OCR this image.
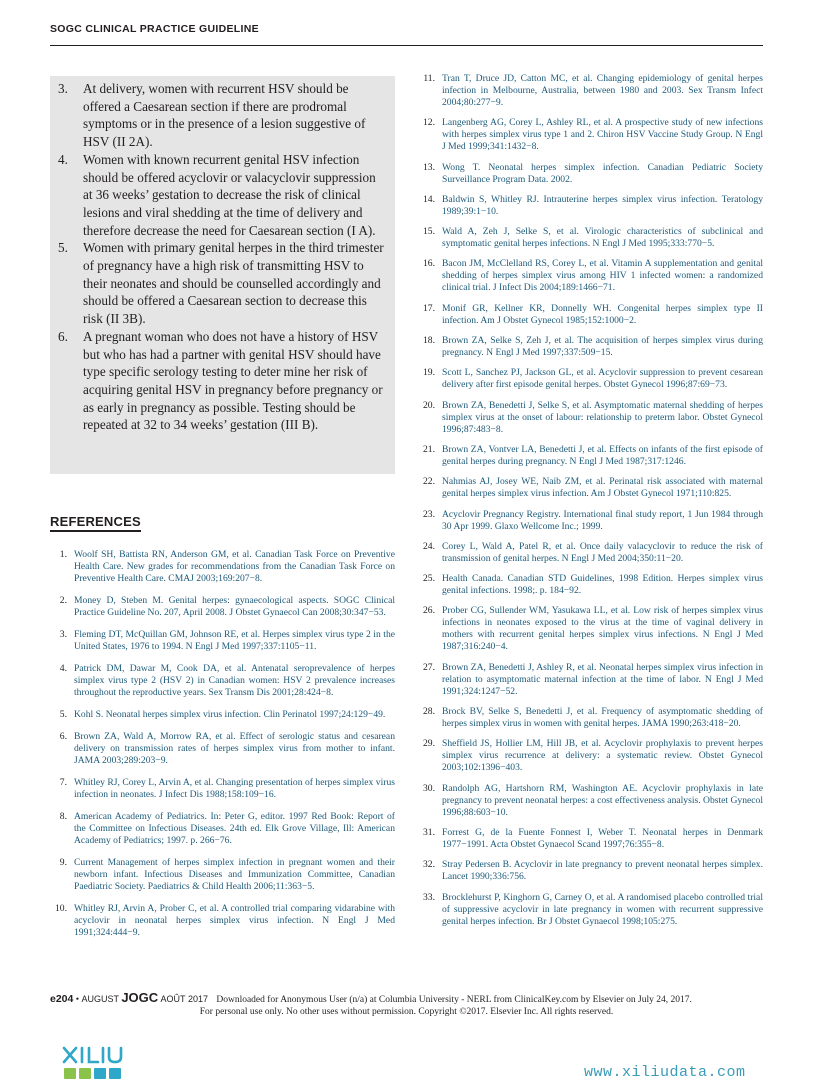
SOGC CLINICAL PRACTICE GUIDELINE
3. At delivery, women with recurrent HSV should be offered a Caesarean section if there are prodromal symptoms or in the presence of a lesion suggestive of HSV (II 2A).
4. Women with known recurrent genital HSV infection should be offered acyclovir or valacyclovir suppression at 36 weeks’ gestation to decrease the risk of clinical lesions and viral shedding at the time of delivery and therefore decrease the need for Caesarean section (I A).
5. Women with primary genital herpes in the third trimester of pregnancy have a high risk of transmitting HSV to their neonates and should be counselled accordingly and should be offered a Caesarean section to decrease this risk (II 3B).
6. A pregnant woman who does not have a history of HSV but who has had a partner with genital HSV should have type specific serology testing to deter mine her risk of acquiring genital HSV in pregnancy before pregnancy or as early in pregnancy as possible. Testing should be repeated at 32 to 34 weeks’ gestation (III B).
REFERENCES
1. Woolf SH, Battista RN, Anderson GM, et al. Canadian Task Force on Preventive Health Care. New grades for recommendations from the Canadian Task Force on Preventive Health Care. CMAJ 2003;169:207−8.
2. Money D, Steben M. Genital herpes: gynaecological aspects. SOGC Clinical Practice Guideline No. 207, April 2008. J Obstet Gynaecol Can 2008;30:347−53.
3. Fleming DT, McQuillan GM, Johnson RE, et al. Herpes simplex virus type 2 in the United States, 1976 to 1994. N Engl J Med 1997;337:1105−11.
4. Patrick DM, Dawar M, Cook DA, et al. Antenatal seroprevalence of herpes simplex virus type 2 (HSV 2) in Canadian women: HSV 2 prevalence increases throughout the reproductive years. Sex Transm Dis 2001;28:424−8.
5. Kohl S. Neonatal herpes simplex virus infection. Clin Perinatol 1997;24:129−49.
6. Brown ZA, Wald A, Morrow RA, et al. Effect of serologic status and cesarean delivery on transmission rates of herpes simplex virus from mother to infant. JAMA 2003;289:203−9.
7. Whitley RJ, Corey L, Arvin A, et al. Changing presentation of herpes simplex virus infection in neonates. J Infect Dis 1988;158:109−16.
8. American Academy of Pediatrics. In: Peter G, editor. 1997 Red Book: Report of the Committee on Infectious Diseases. 24th ed. Elk Grove Village, Ill: American Academy of Pediatrics; 1997. p. 266−76.
9. Current Management of herpes simplex infection in pregnant women and their newborn infant. Infectious Diseases and Immunization Committee, Canadian Paediatric Society. Paediatrics & Child Health 2006;11:363−5.
10. Whitley RJ, Arvin A, Prober C, et al. A controlled trial comparing vidarabine with acyclovir in neonatal herpes simplex virus infection. N Engl J Med 1991;324:444−9.
11. Tran T, Druce JD, Catton MC, et al. Changing epidemiology of genital herpes infection in Melbourne, Australia, between 1980 and 2003. Sex Transm Infect 2004;80:277−9.
12. Langenberg AG, Corey L, Ashley RL, et al. A prospective study of new infections with herpes simplex virus type 1 and 2. Chiron HSV Vaccine Study Group. N Engl J Med 1999;341:1432−8.
13. Wong T. Neonatal herpes simplex infection. Canadian Pediatric Society Surveillance Program Data. 2002.
14. Baldwin S, Whitley RJ. Intrauterine herpes simplex virus infection. Teratology 1989;39:1−10.
15. Wald A, Zeh J, Selke S, et al. Virologic characteristics of subclinical and symptomatic genital herpes infections. N Engl J Med 1995;333:770−5.
16. Bacon JM, McClelland RS, Corey L, et al. Vitamin A supplementation and genital shedding of herpes simplex virus among HIV 1 infected women: a randomized clinical trial. J Infect Dis 2004;189:1466−71.
17. Monif GR, Kellner KR, Donnelly WH. Congenital herpes simplex type II infection. Am J Obstet Gynecol 1985;152:1000−2.
18. Brown ZA, Selke S, Zeh J, et al. The acquisition of herpes simplex virus during pregnancy. N Engl J Med 1997;337:509−15.
19. Scott L, Sanchez PJ, Jackson GL, et al. Acyclovir suppression to prevent cesarean delivery after first episode genital herpes. Obstet Gynecol 1996;87:69−73.
20. Brown ZA, Benedetti J, Selke S, et al. Asymptomatic maternal shedding of herpes simplex virus at the onset of labour: relationship to preterm labor. Obstet Gynecol 1996;87:483−8.
21. Brown ZA, Vontver LA, Benedetti J, et al. Effects on infants of the first episode of genital herpes during pregnancy. N Engl J Med 1987;317:1246.
22. Nahmias AJ, Josey WE, Naib ZM, et al. Perinatal risk associated with maternal genital herpes simplex virus infection. Am J Obstet Gynecol 1971;110:825.
23. Acyclovir Pregnancy Registry. International final study report, 1 Jun 1984 through 30 Apr 1999. Glaxo Wellcome Inc.; 1999.
24. Corey L, Wald A, Patel R, et al. Once daily valacyclovir to reduce the risk of transmission of genital herpes. N Engl J Med 2004;350:11−20.
25. Health Canada. Canadian STD Guidelines, 1998 Edition. Herpes simplex virus genital infections. 1998;. p. 184−92.
26. Prober CG, Sullender WM, Yasukawa LL, et al. Low risk of herpes simplex virus infections in neonates exposed to the virus at the time of vaginal delivery in mothers with recurrent genital herpes simplex virus infections. N Engl J Med 1987;316:240−4.
27. Brown ZA, Benedetti J, Ashley R, et al. Neonatal herpes simplex virus infection in relation to asymptomatic maternal infection at the time of labor. N Engl J Med 1991;324:1247−52.
28. Brock BV, Selke S, Benedetti J, et al. Frequency of asymptomatic shedding of herpes simplex virus in women with genital herpes. JAMA 1990;263:418−20.
29. Sheffield JS, Hollier LM, Hill JB, et al. Acyclovir prophylaxis to prevent herpes simplex virus recurrence at delivery: a systematic review. Obstet Gynecol 2003;102:1396−403.
30. Randolph AG, Hartshorn RM, Washington AE. Acyclovir prophylaxis in late pregnancy to prevent neonatal herpes: a cost effectiveness analysis. Obstet Gynecol 1996;88:603−10.
31. Forrest G, de la Fuente Fonnest I, Weber T. Neonatal herpes in Denmark 1977−1991. Acta Obstet Gynaecol Scand 1997;76:355−8.
32. Stray Pedersen B. Acyclovir in late pregnancy to prevent neonatal herpes simplex. Lancet 1990;336:756.
33. Brocklehurst P, Kinghorn G, Carney O, et al. A randomised placebo controlled trial of suppressive acyclovir in late pregnancy in women with recurrent suppressive genital herpes infection. Br J Obstet Gynaecol 1998;105:275.
e204 • AUGUST JOGC AOÛT 2017 Downloaded for Anonymous User (n/a) at Columbia University - NERL from ClinicalKey.com by Elsevier on July 24, 2017.
For personal use only. No other uses without permission. Copyright ©2017. Elsevier Inc. All rights reserved.
www.xiliudata.com
